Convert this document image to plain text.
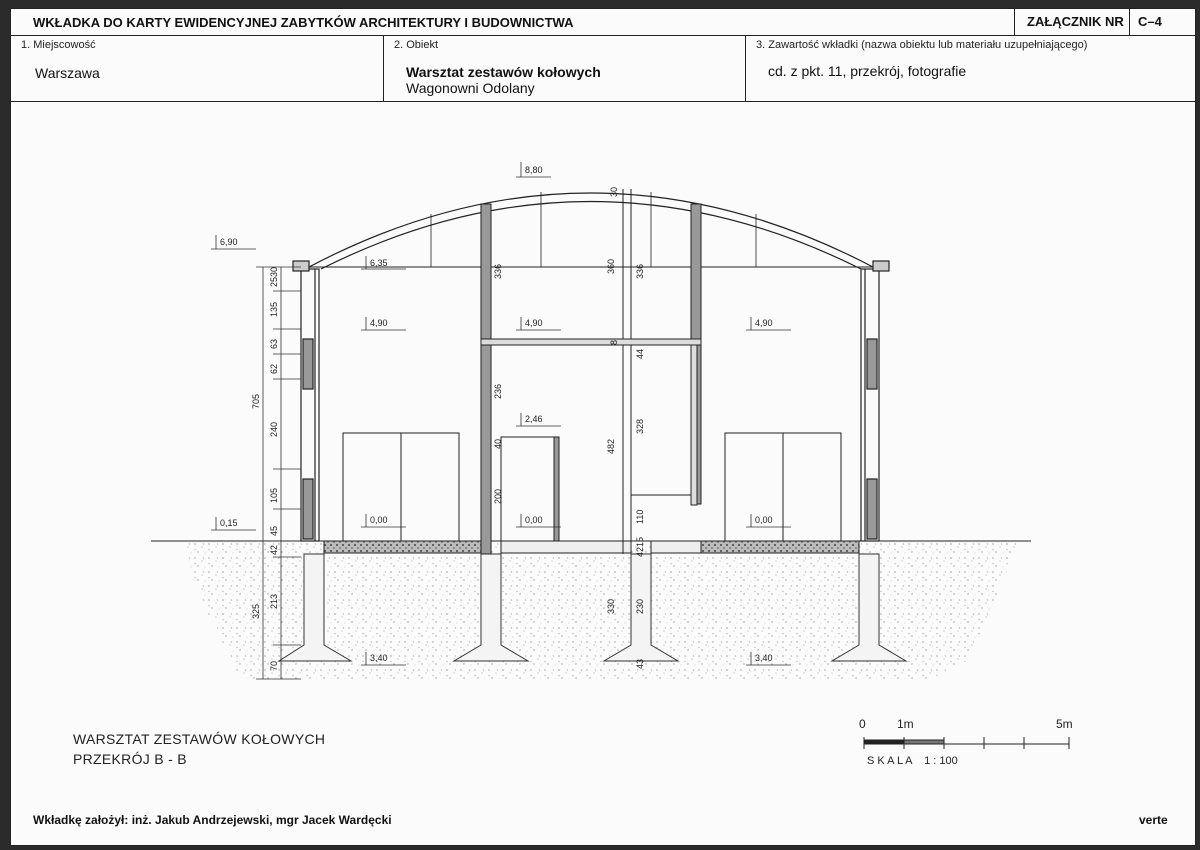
WKŁADKA DO KARTY EWIDENCYJNEJ ZABYTKÓW ARCHITEKTURY I BUDOWNICTWA	ZAŁĄCZNIK NR	C–4
1. Miejscowość
Warszawa
2. Obiekt
Warsztat zestawów kołowych
Wagonowni Odolany
3. Zawartość wkładki (nazwa obiektu lub materiału uzupełniającego)
cd. z pkt. 11, przekrój, fotografie
2530
135
63
62
240
105
45
42
213
70
705
325
336
236
40
200
360
482
330
336
44
328
110
4215
230
43
30
8
8,80
6,90
6,35
4,90	4,90	4,90
2,46
0,15	0,00	0,00	0,00
3,40	3,40
WARSZTAT ZESTAWÓW KOŁOWYCH
PRZEKRÓJ B - B
0	1m	5m
S K A L A    1 : 100
Wkładkę założył: inż. Jakub Andrzejewski, mgr Jacek Wardęcki	verte
